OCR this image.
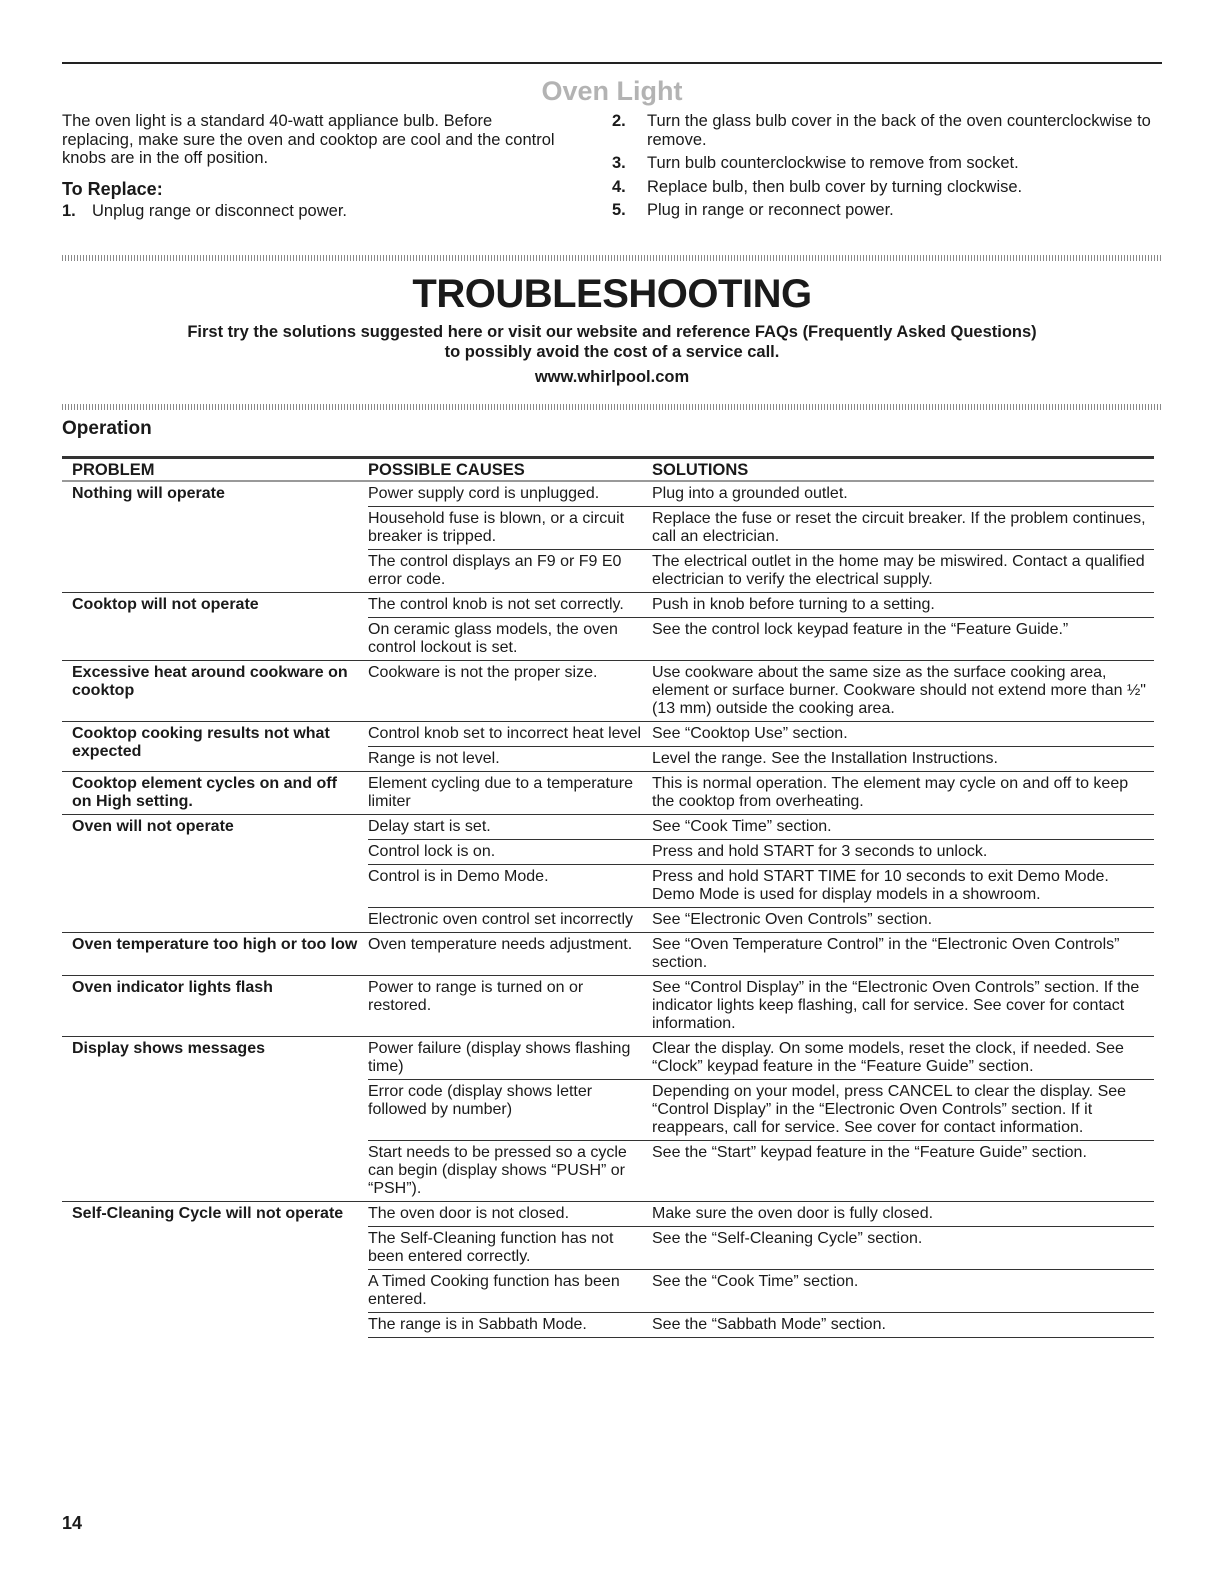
Oven Light
The oven light is a standard 40-watt appliance bulb. Before replacing, make sure the oven and cooktop are cool and the control knobs are in the off position.
To Replace:
1. Unplug range or disconnect power.
2.	Turn the glass bulb cover in the back of the oven counterclockwise to remove.
3.	Turn bulb counterclockwise to remove from socket.
4.	Replace bulb, then bulb cover by turning clockwise.
5.	Plug in range or reconnect power.
TROUBLESHOOTING
First try the solutions suggested here or visit our website and reference FAQs (Frequently Asked Questions)
to possibly avoid the cost of a service call.
www.whirlpool.com
Operation
PROBLEM	POSSIBLE CAUSES	SOLUTIONS
Nothing will operate	Power supply cord is unplugged.	Plug into a grounded outlet.
	Household fuse is blown, or a circuit breaker is tripped.	Replace the fuse or reset the circuit breaker. If the problem continues, call an electrician.
	The control displays an F9 or F9 E0 error code.	The electrical outlet in the home may be miswired. Contact a qualified electrician to verify the electrical supply.
Cooktop will not operate	The control knob is not set correctly.	Push in knob before turning to a setting.
	On ceramic glass models, the oven control lockout is set.	See the control lock keypad feature in the “Feature Guide.”
Excessive heat around cookware on cooktop	Cookware is not the proper size.	Use cookware about the same size as the surface cooking area, element or surface burner. Cookware should not extend more than ½" (13 mm) outside the cooking area.
Cooktop cooking results not what expected	Control knob set to incorrect heat level	See “Cooktop Use” section.
	Range is not level.	Level the range. See the Installation Instructions.
Cooktop element cycles on and off on High setting.	Element cycling due to a temperature limiter	This is normal operation. The element may cycle on and off to keep the cooktop from overheating.
Oven will not operate	Delay start is set.	See “Cook Time” section.
	Control lock is on.	Press and hold START for 3 seconds to unlock.
	Control is in Demo Mode.	Press and hold START TIME for 10 seconds to exit Demo Mode. Demo Mode is used for display models in a showroom.
	Electronic oven control set incorrectly	See “Electronic Oven Controls” section.
Oven temperature too high or too low	Oven temperature needs adjustment.	See “Oven Temperature Control” in the “Electronic Oven Controls” section.
Oven indicator lights flash	Power to range is turned on or restored.	See “Control Display” in the “Electronic Oven Controls” section. If the indicator lights keep flashing, call for service. See cover for contact information.
Display shows messages	Power failure (display shows flashing time)	Clear the display. On some models, reset the clock, if needed. See “Clock” keypad feature in the “Feature Guide” section.
	Error code (display shows letter followed by number)	Depending on your model, press CANCEL to clear the display. See “Control Display” in the “Electronic Oven Controls” section. If it reappears, call for service. See cover for contact information.
	Start needs to be pressed so a cycle can begin (display shows “PUSH” or “PSH”).	See the “Start” keypad feature in the “Feature Guide” section.
Self-Cleaning Cycle will not operate	The oven door is not closed.	Make sure the oven door is fully closed.
	The Self-Cleaning function has not been entered correctly.	See the “Self-Cleaning Cycle” section.
	A Timed Cooking function has been entered.	See the “Cook Time” section.
	The range is in Sabbath Mode.	See the “Sabbath Mode” section.
14
